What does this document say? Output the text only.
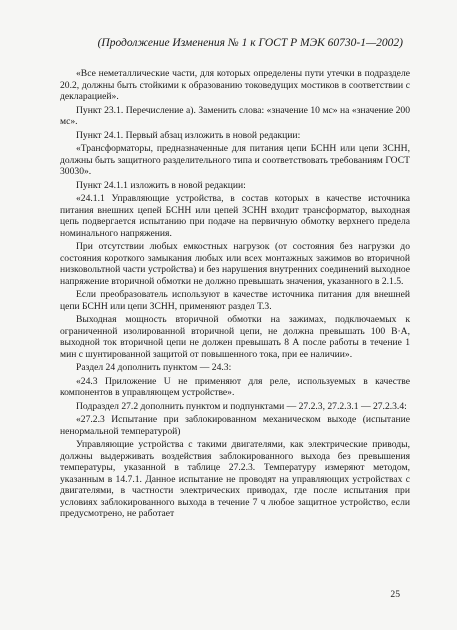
(Продолжение Изменения № 1 к ГОСТ Р МЭК 60730-1—2002)

«Все неметаллические части, для которых определены пути утечки в подразделе 20.2, должны быть стойкими к образованию токоведущих мостиков в соответствии с декларацией».

Пункт 23.1. Перечисление а). Заменить слова: «значение 10 мс» на «значение 200 мс».

Пункт 24.1. Первый абзац изложить в новой редакции:

«Трансформаторы, предназначенные для питания цепи БСНН или цепи ЗСНН, должны быть защитного разделительного типа и соответствовать требованиям ГОСТ 30030».

Пункт 24.1.1 изложить в новой редакции:

«24.1.1 Управляющие устройства, в состав которых в качестве источника питания внешних цепей БСНН или цепей ЗСНН входит трансформатор, выходная цепь подвергается испытанию при подаче на первичную обмотку верхнего предела номинального напряжения.

При отсутствии любых емкостных нагрузок (от состояния без нагрузки до состояния короткого замыкания любых или всех монтажных зажимов во вторичной низковольтной части устройства) и без нарушения внутренних соединений выходное напряжение вторичной обмотки не должно превышать значения, указанного в 2.1.5.

Если преобразователь используют в качестве источника питания для внешней цепи БСНН или цепи ЗСНН, применяют раздел Т.3.

Выходная мощность вторичной обмотки на зажимах, подключаемых к ограниченной изолированной вторичной цепи, не должна превышать 100 В·А, выходной ток вторичной цепи не должен превышать 8 А после работы в течение 1 мин с шунтированной защитой от повышенного тока, при ее наличии».

Раздел 24 дополнить пунктом — 24.3:

«24.3 Приложение U не применяют для реле, используемых в качестве компонентов в управляющем устройстве».

Подраздел 27.2 дополнить пунктом и подпунктами — 27.2.3, 27.2.3.1 — 27.2.3.4:

«27.2.3 Испытание при заблокированном механическом выходе (испытание ненормальной температурой)

Управляющие устройства с такими двигателями, как электрические приводы, должны выдерживать воздействия заблокированного выхода без превышения температуры, указанной в таблице 27.2.3. Температуру измеряют методом, указанным в 14.7.1. Данное испытание не проводят на управляющих устройствах с двигателями, в частности электрических приводах, где после испытания при условиях заблокированного выхода в течение 7 ч любое защитное устройство, если предусмотрено, не работает

25
